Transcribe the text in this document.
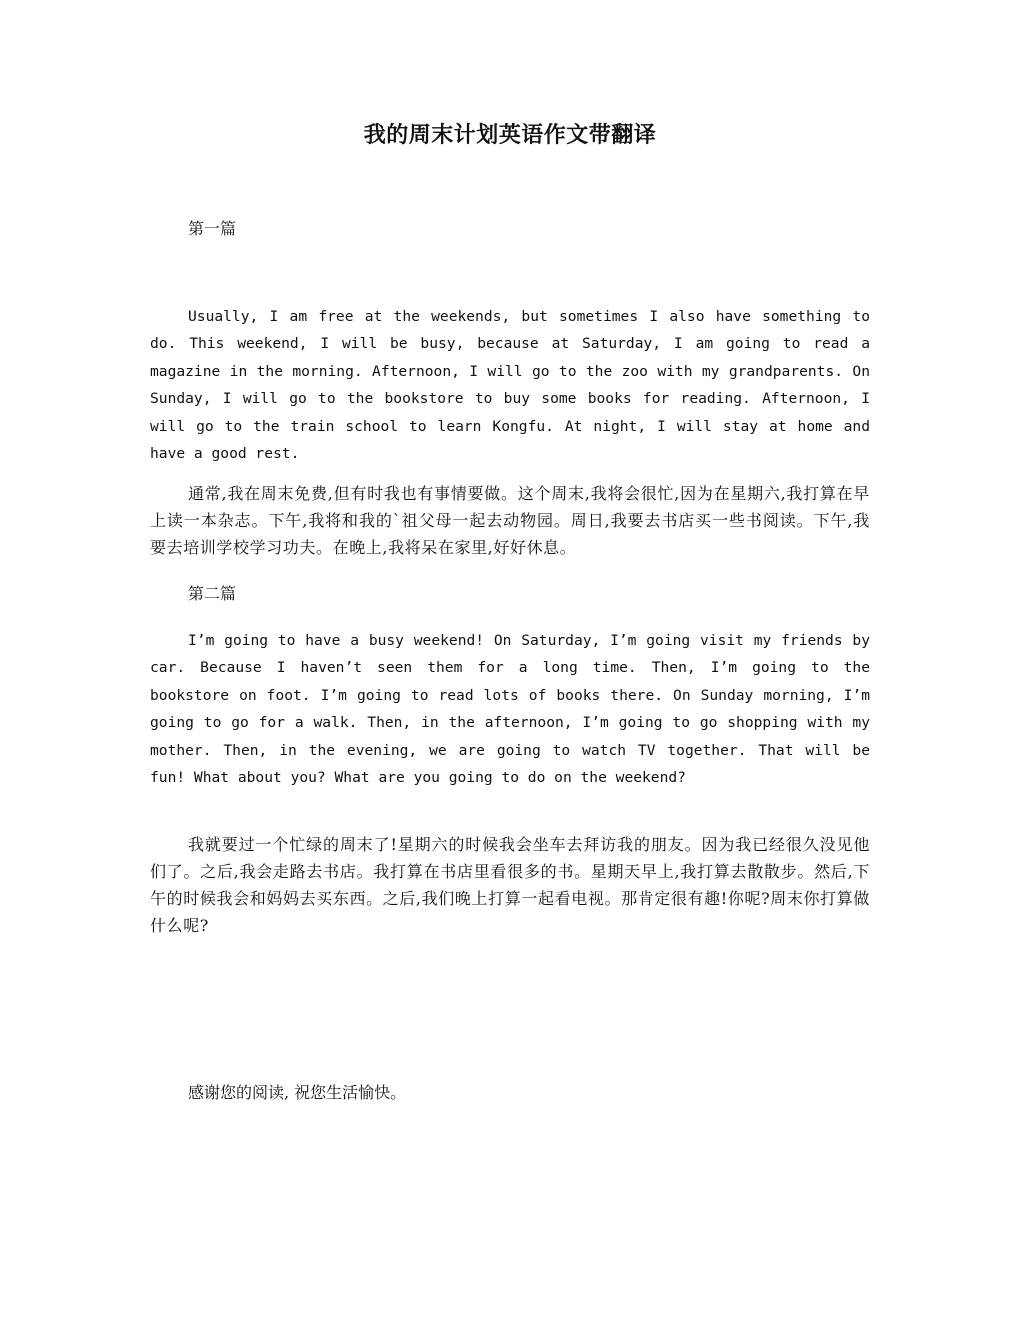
我的周末计划英语作文带翻译
第一篇
Usually, I am free at the weekends, but sometimes I also have something to do. This weekend, I will be busy, because at Saturday, I am going to read a magazine in the morning. Afternoon, I will go to the zoo with my grandparents. On Sunday, I will go to the bookstore to buy some books for reading. Afternoon, I will go to the train school to learn Kongfu. At night, I will stay at home and have a good rest.
通常,我在周末免费,但有时我也有事情要做。这个周末,我将会很忙,因为在星期六,我打算在早上读一本杂志。下午,我将和我的`祖父母一起去动物园。周日,我要去书店买一些书阅读。下午,我要去培训学校学习功夫。在晚上,我将呆在家里,好好休息。
第二篇
I’m going to have a busy weekend! On Saturday, I’m going visit my friends by car. Because I haven’t seen them for a long time. Then, I’m going to the bookstore on foot. I’m going to read lots of books there. On Sunday morning, I’m going to go for a walk. Then, in the afternoon, I’m going to go shopping with my mother. Then, in the evening, we are going to watch TV together. That will be fun! What about you? What are you going to do on the weekend?
我就要过一个忙绿的周末了!星期六的时候我会坐车去拜访我的朋友。因为我已经很久没见他们了。之后,我会走路去书店。我打算在书店里看很多的书。星期天早上,我打算去散散步。然后,下午的时候我会和妈妈去买东西。之后,我们晚上打算一起看电视。那肯定很有趣!你呢?周末你打算做什么呢?
感谢您的阅读, 祝您生活愉快。
